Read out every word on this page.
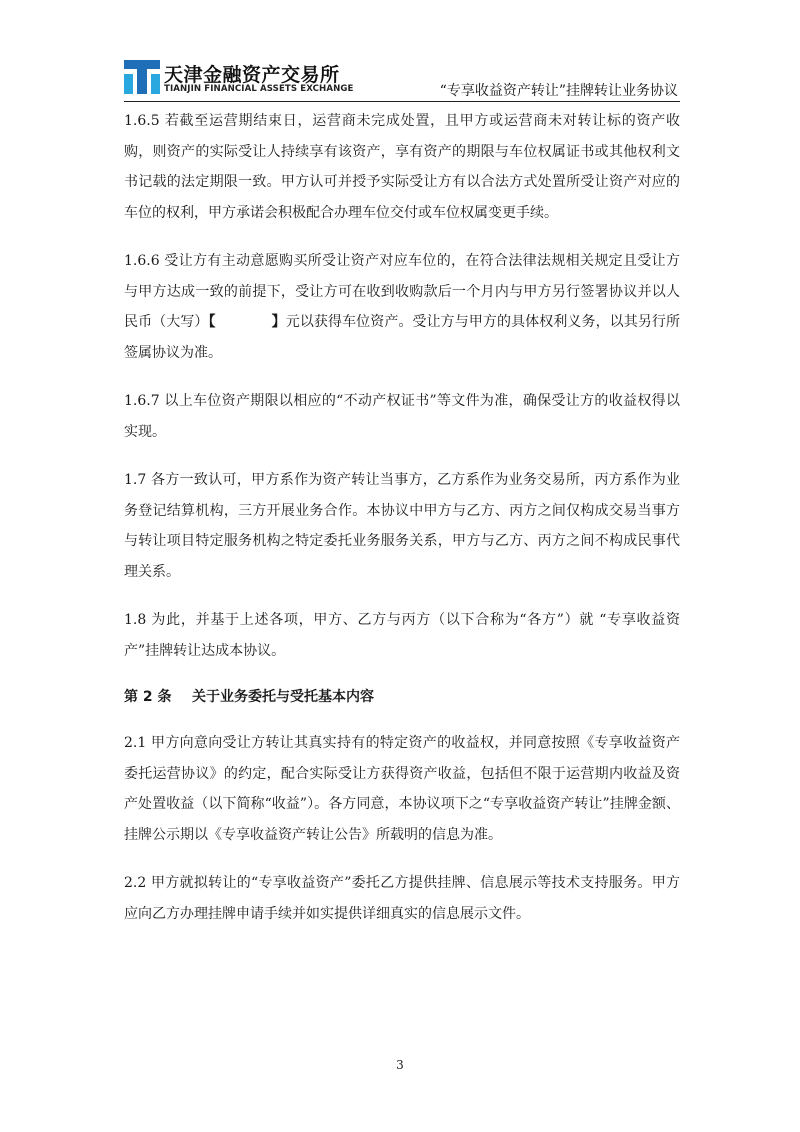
天津金融资产交易所
TIANJIN FINANCIAL ASSETS EXCHANGE	“专享收益资产转让”挂牌转让业务协议

1.6.5 若截至运营期结束日，运营商未完成处置，且甲方或运营商未对转让标的资产收购，则资产的实际受让人持续享有该资产，享有资产的期限与车位权属证书或其他权利文书记载的法定期限一致。甲方认可并授予实际受让方有以合法方式处置所受让资产对应的车位的权利，甲方承诺会积极配合办理车位交付或车位权属变更手续。

1.6.6 受让方有主动意愿购买所受让资产对应车位的，在符合法律法规相关规定且受让方与甲方达成一致的前提下，受让方可在收到收购款后一个月内与甲方另行签署协议并以人民币（大写）【	】元以获得车位资产。受让方与甲方的具体权利义务，以其另行所签属协议为准。

1.6.7 以上车位资产期限以相应的“不动产权证书”等文件为准，确保受让方的收益权得以实现。

1.7 各方一致认可，甲方系作为资产转让当事方，乙方系作为业务交易所，丙方系作为业务登记结算机构，三方开展业务合作。本协议中甲方与乙方、丙方之间仅构成交易当事方与转让项目特定服务机构之特定委托业务服务关系，甲方与乙方、丙方之间不构成民事代理关系。

1.8 为此，并基于上述各项，甲方、乙方与丙方（以下合称为“各方”）就 “专享收益资产”挂牌转让达成本协议。

第 2 条 关于业务委托与受托基本内容

2.1 甲方向意向受让方转让其真实持有的特定资产的收益权，并同意按照《专享收益资产委托运营协议》的约定，配合实际受让方获得资产收益，包括但不限于运营期内收益及资产处置收益（以下简称“收益”）。各方同意，本协议项下之“专享收益资产转让”挂牌金额、挂牌公示期以《专享收益资产转让公告》所载明的信息为准。

2.2 甲方就拟转让的“专享收益资产”委托乙方提供挂牌、信息展示等技术支持服务。甲方应向乙方办理挂牌申请手续并如实提供详细真实的信息展示文件。

3
